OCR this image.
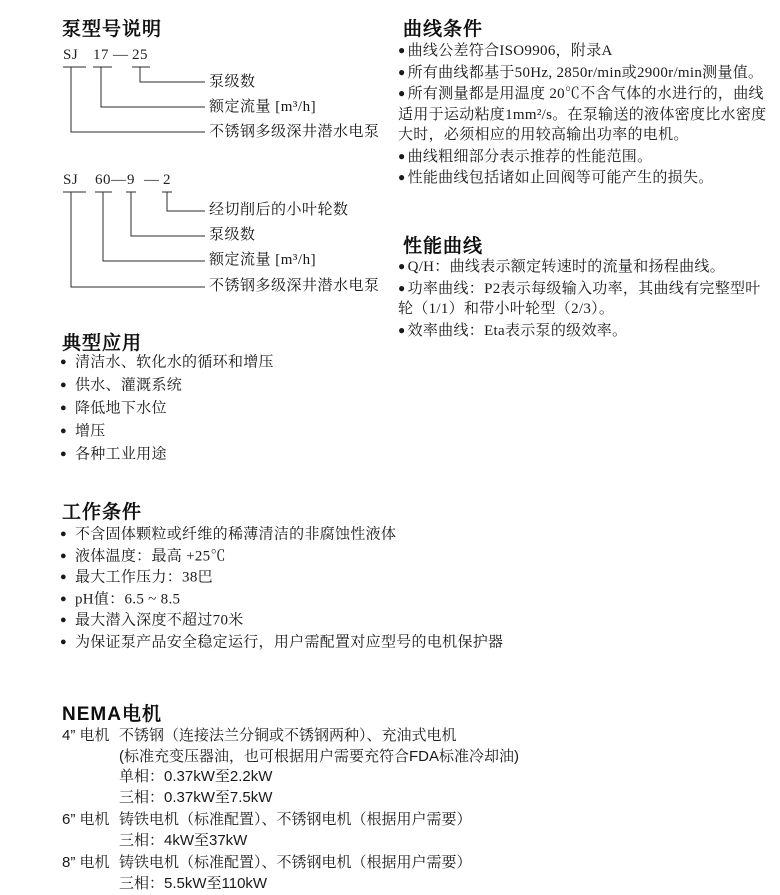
泵型号说明
SJ 17 — 25
泵级数
额定流量 [m³/h]
不锈钢多级深井潜水电泵
SJ 60 — 9 — 2
经切削后的小叶轮数
泵级数
额定流量 [m³/h]
不锈钢多级深井潜水电泵
曲线条件
● 曲线公差符合ISO9906，附录A
● 所有曲线都基于50Hz, 2850r/min或2900r/min测量值。
● 所有测量都是用温度 20℃不含气体的水进行的，曲线适用于运动粘度1mm²/s。在泵输送的液体密度比水密度大时，必须相应的用较高输出功率的电机。
● 曲线粗细部分表示推荐的性能范围。
● 性能曲线包括诸如止回阀等可能产生的损失。
性能曲线
● Q/H：曲线表示额定转速时的流量和扬程曲线。
● 功率曲线：P2表示每级输入功率，其曲线有完整型叶轮（1/1）和带小叶轮型（2/3）。
● 效率曲线：Eta表示泵的级效率。
典型应用
● 清洁水、软化水的循环和增压
● 供水、灌溉系统
● 降低地下水位
● 增压
● 各种工业用途
工作条件
● 不含固体颗粒或纤维的稀薄清洁的非腐蚀性液体
● 液体温度：最高 +25℃
● 最大工作压力：38巴
● pH值：6.5 ~ 8.5
● 最大潜入深度不超过70米
● 为保证泵产品安全稳定运行，用户需配置对应型号的电机保护器
NEMA电机
4” 电机 不锈钢（连接法兰分铜或不锈钢两种）、充油式电机
(标准充变压器油，也可根据用户需要充符合FDA标准冷却油)
单相：0.37kW至2.2kW
三相：0.37kW至7.5kW
6” 电机 铸铁电机（标准配置）、不锈钢电机（根据用户需要）
三相：4kW至37kW
8” 电机 铸铁电机（标准配置）、不锈钢电机（根据用户需要）
三相：5.5kW至110kW
